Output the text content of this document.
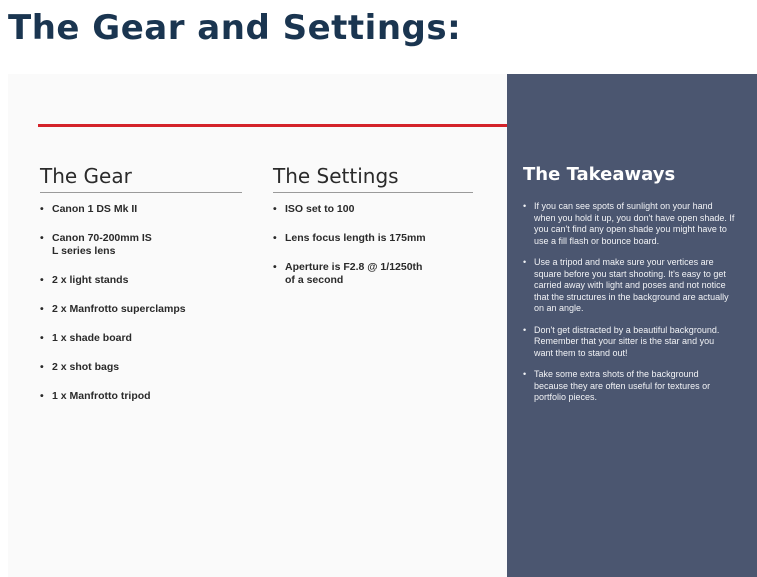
The Gear and Settings:
The Gear
• Canon 1 DS Mk II
• Canon 70-200mm IS
L series lens
• 2 x light stands
• 2 x Manfrotto superclamps
• 1 x shade board
• 2 x shot bags
• 1 x Manfrotto tripod
The Settings
• ISO set to 100
• Lens focus length is 175mm
• Aperture is F2.8 @ 1/1250th
of a second
The Takeaways
• If you can see spots of sunlight on your hand when you hold it up, you don't have open shade. If you can't find any open shade you might have to use a fill flash or bounce board.
• Use a tripod and make sure your vertices are square before you start shooting. It's easy to get carried away with light and poses and not notice that the structures in the background are actually on an angle.
• Don't get distracted by a beautiful background. Remember that your sitter is the star and you want them to stand out!
• Take some extra shots of the background because they are often useful for textures or portfolio pieces.
